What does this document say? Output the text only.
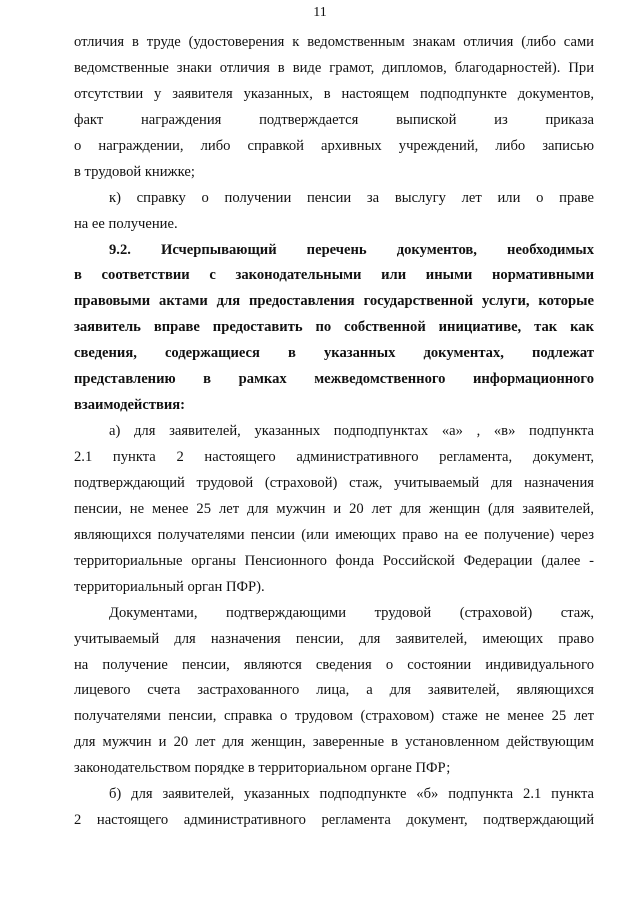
11
отличия в труде (удостоверения к ведомственным знакам отличия (либо сами
ведомственные знаки отличия в виде грамот, дипломов, благодарностей). При
отсутствии у заявителя указанных, в настоящем подподпункте документов,
факт награждения подтверждается выпиской из приказа
о награждении, либо справкой архивных учреждений, либо записью
в трудовой книжке;
к) справку о получении пенсии за выслугу лет или о праве
на ее получение.
9.2. Исчерпывающий перечень документов, необходимых
в соответствии с законодательными или иными нормативными
правовыми актами для предоставления государственной услуги, которые
заявитель вправе предоставить по собственной инициативе, так как
сведения, содержащиеся в указанных документах, подлежат
представлению в рамках межведомственного информационного
взаимодействия:
а) для заявителей, указанных подподпунктах «а» , «в» подпункта
2.1 пункта 2 настоящего административного регламента, документ,
подтверждающий трудовой (страховой) стаж, учитываемый для назначения
пенсии, не менее 25 лет для мужчин и 20 лет для женщин (для заявителей,
являющихся получателями пенсии (или имеющих право на ее получение) через
территориальные органы Пенсионного фонда Российской Федерации (далее -
территориальный орган ПФР).
Документами, подтверждающими трудовой (страховой) стаж,
учитываемый для назначения пенсии, для заявителей, имеющих право
на получение пенсии, являются сведения о состоянии индивидуального
лицевого счета застрахованного лица, а для заявителей, являющихся
получателями пенсии, справка о трудовом (страховом) стаже не менее 25 лет
для мужчин и 20 лет для женщин, заверенные в установленном действующим
законодательством порядке в территориальном органе ПФР;
б) для заявителей, указанных подподпункте «б» подпункта 2.1 пункта
2 настоящего административного регламента документ, подтверждающий
